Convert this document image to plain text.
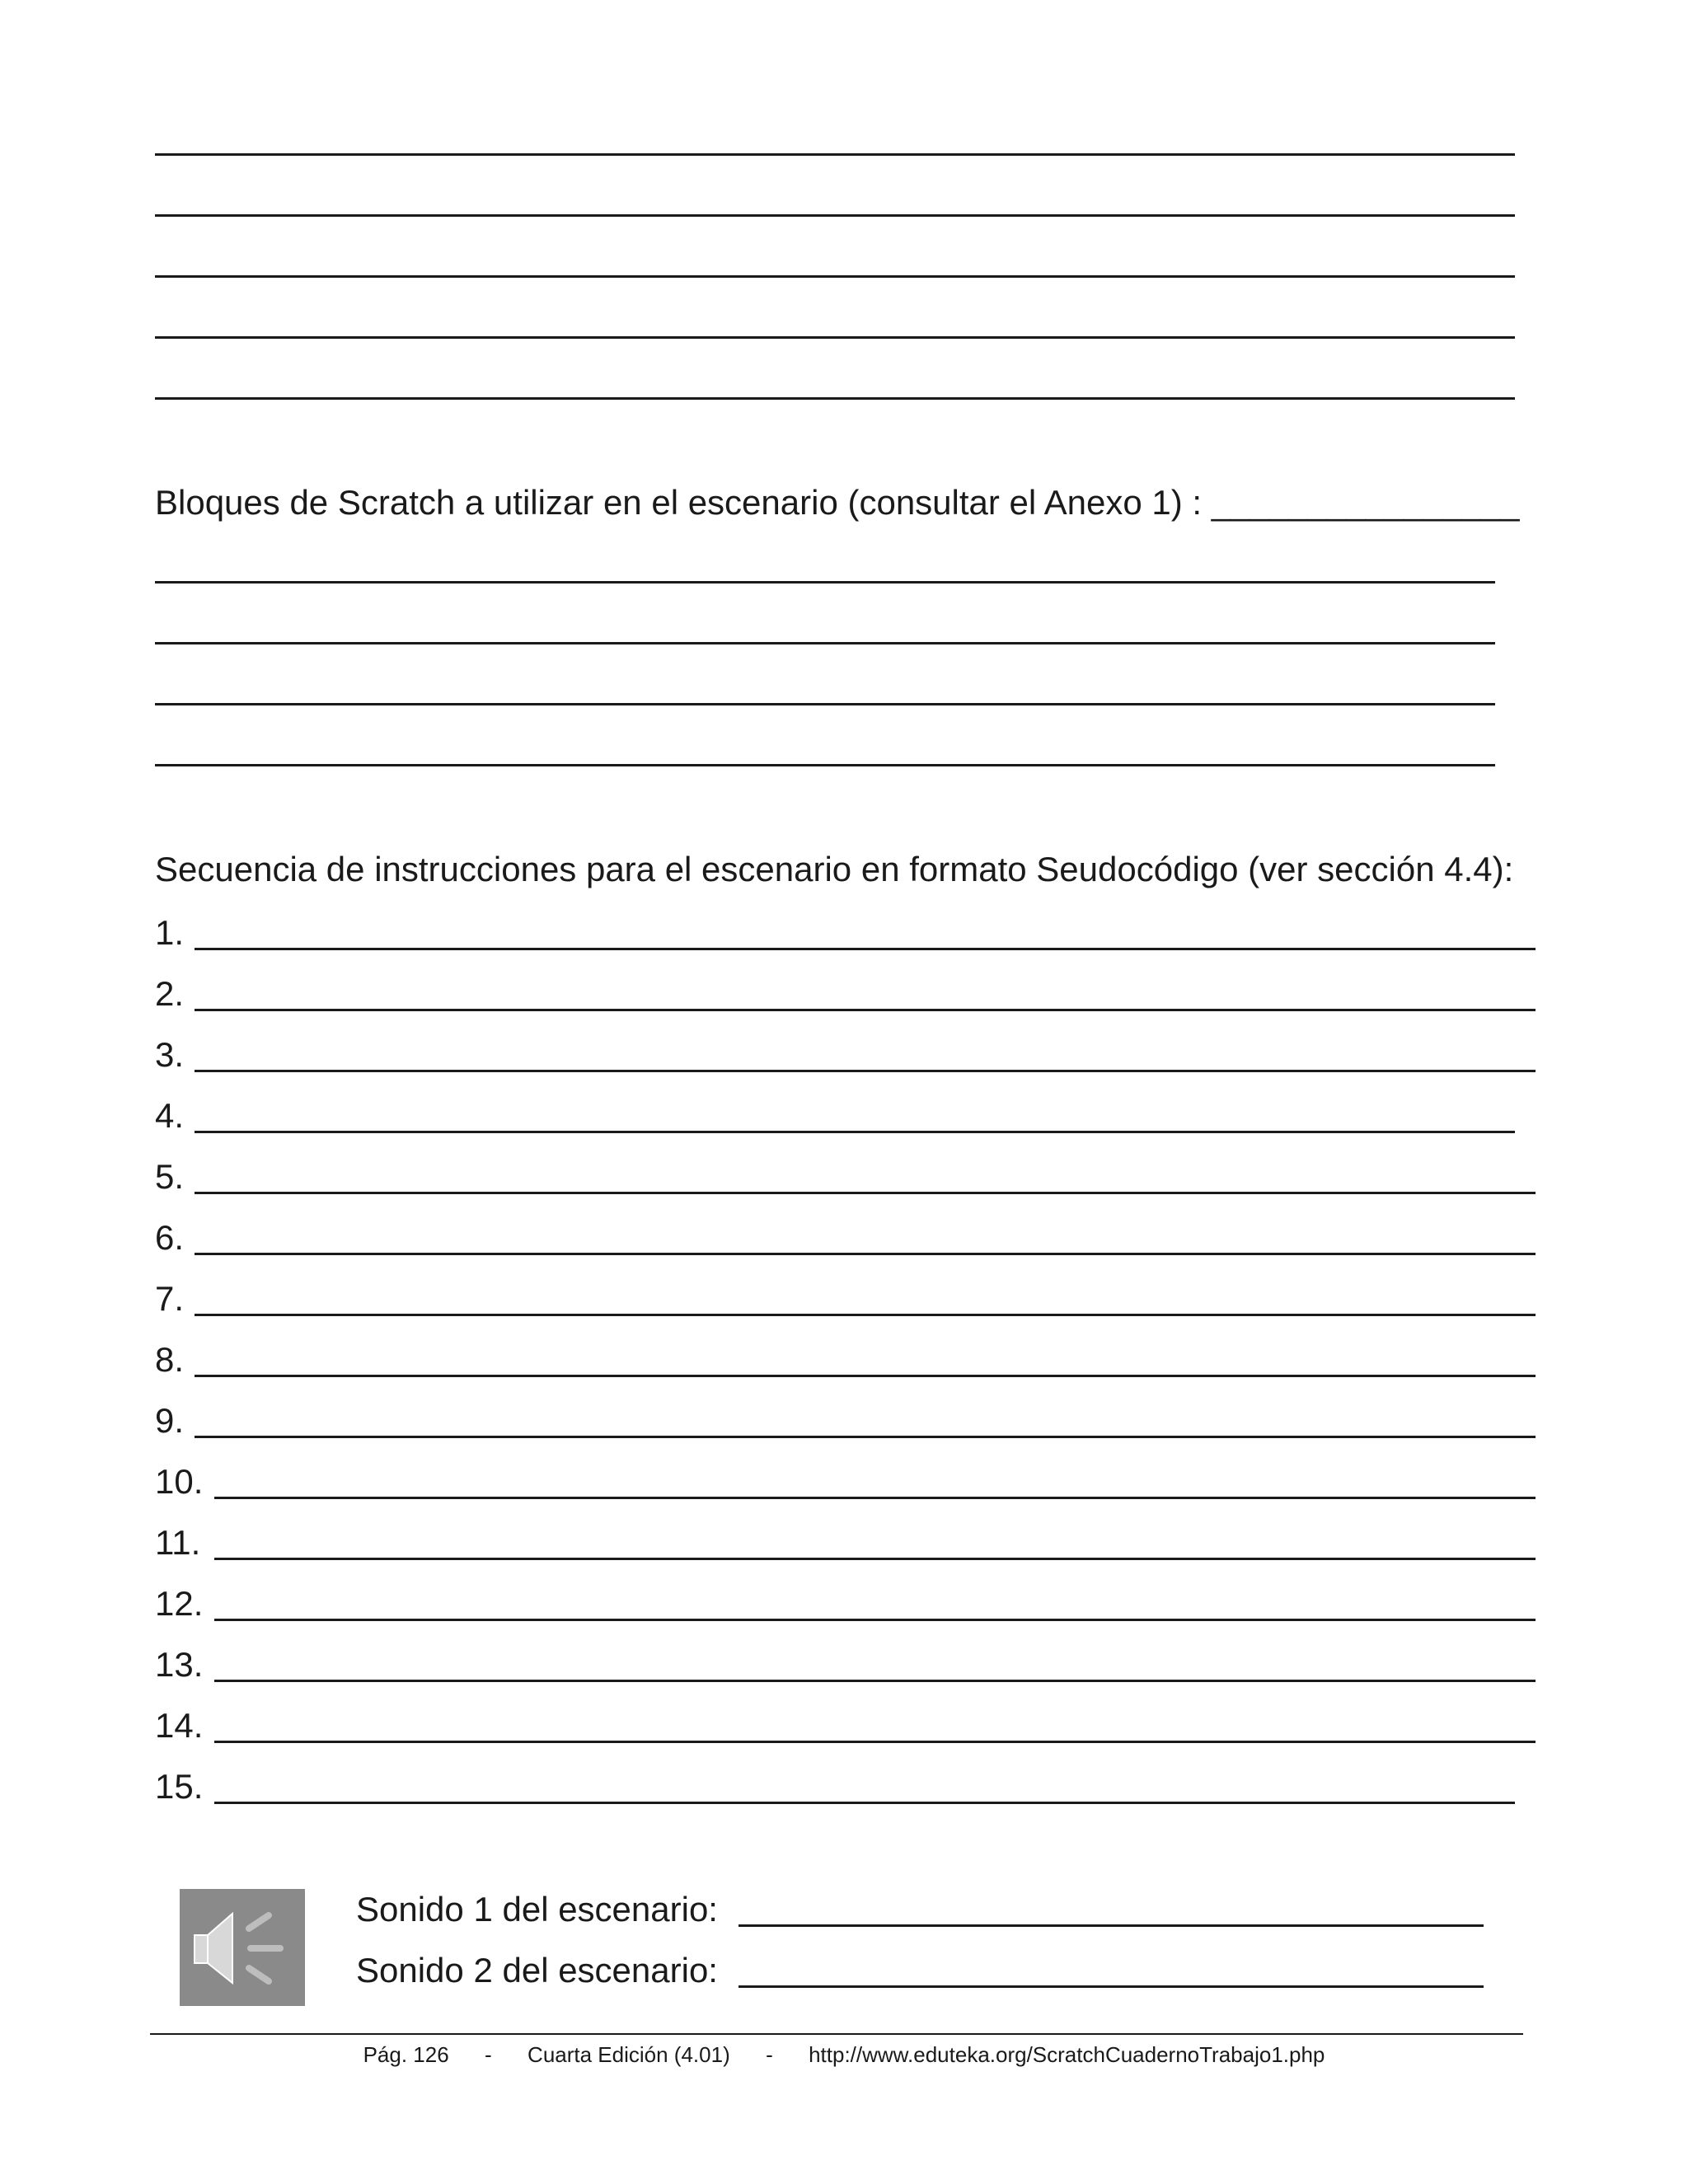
Bloques de Scratch a utilizar en el escenario (consultar el Anexo 1) : ________________
Secuencia de instrucciones para el escenario en formato Seudocódigo (ver sección 4.4):
1.
2.
3.
4.
5.
6.
7.
8.
9.
10.
11.
12.
13.
14.
15.
Sonido 1 del escenario:
Sonido 2 del escenario:
Pág. 126 - Cuarta Edición (4.01) - http://www.eduteka.org/ScratchCuadernoTrabajo1.php
